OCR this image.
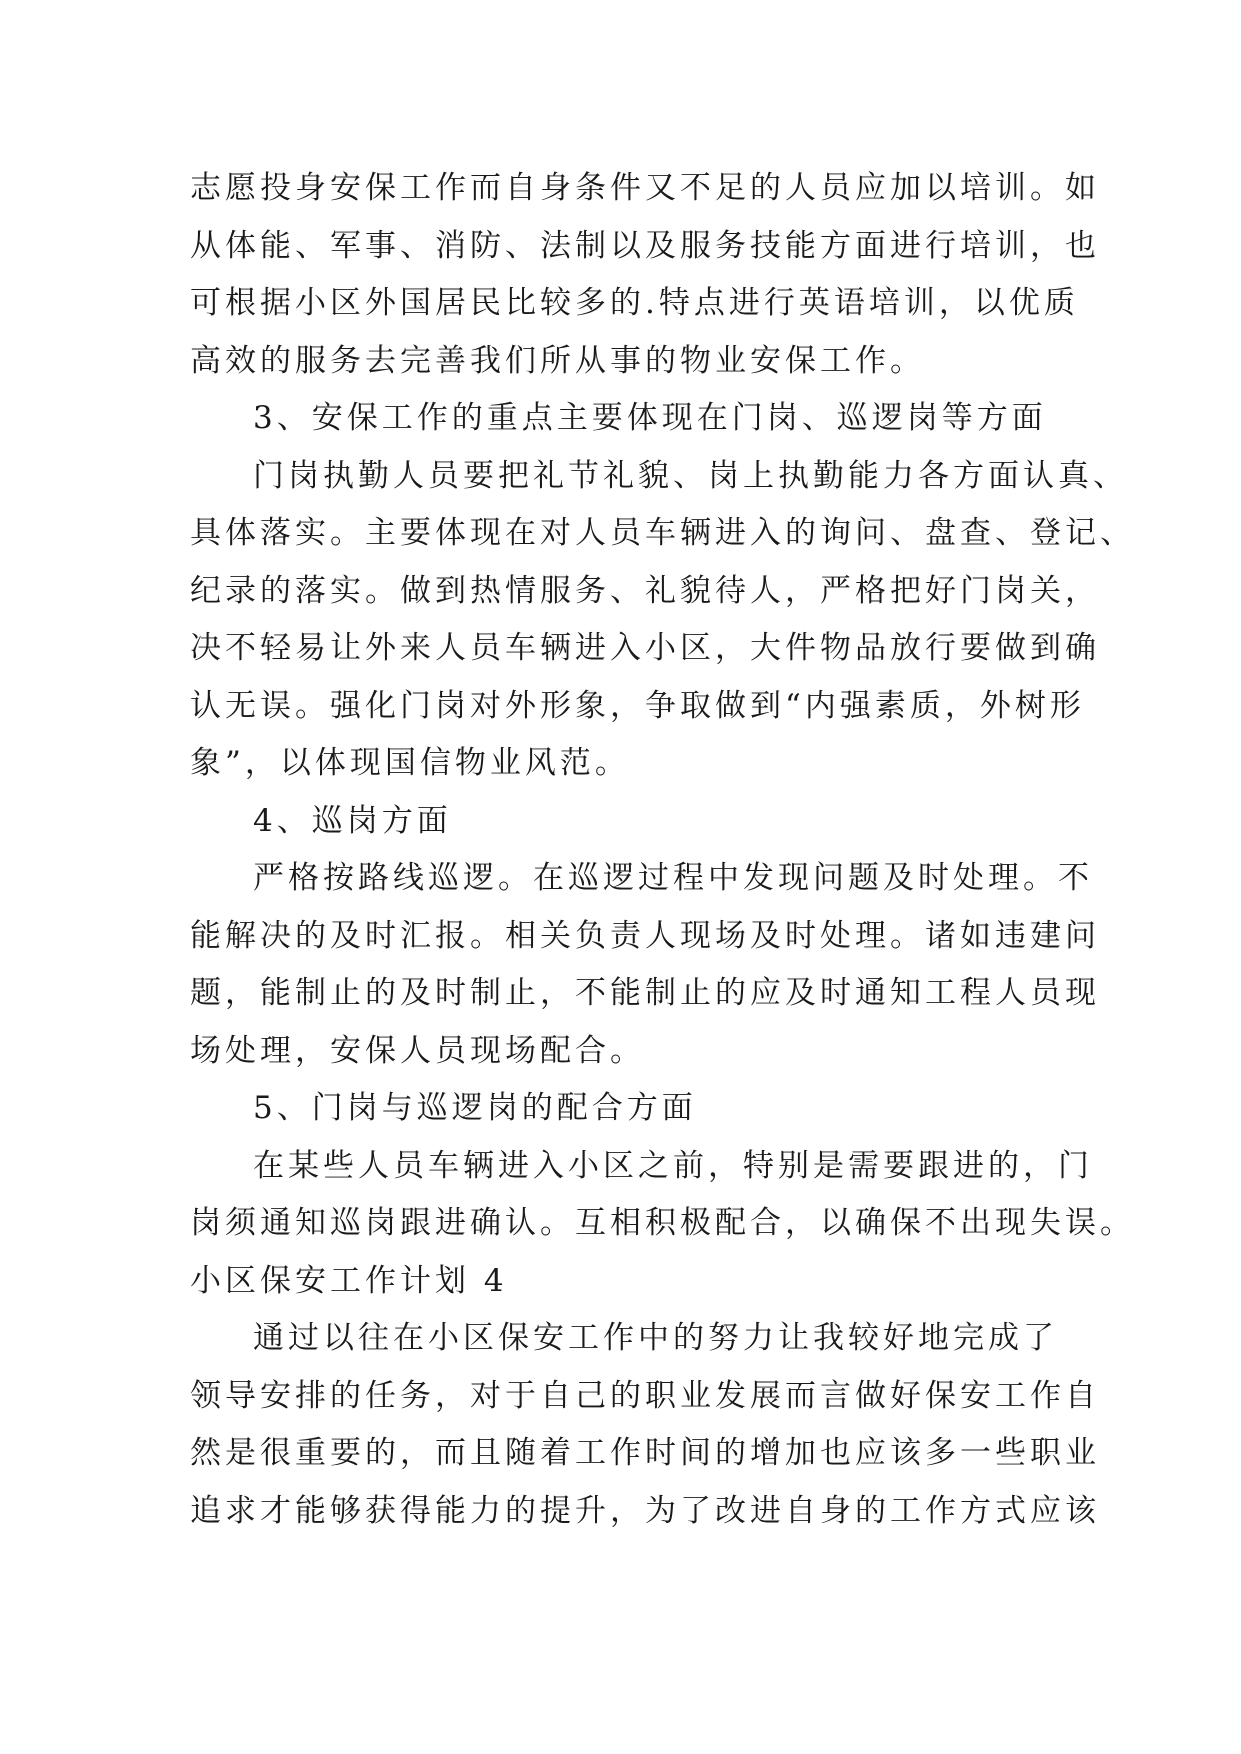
志愿投身安保工作而自身条件又不足的人员应加以培训。如
从体能、军事、消防、法制以及服务技能方面进行培训，也
可根据小区外国居民比较多的.特点进行英语培训，以优质
高效的服务去完善我们所从事的物业安保工作。
3、安保工作的重点主要体现在门岗、巡逻岗等方面
门岗执勤人员要把礼节礼貌、岗上执勤能力各方面认真、
具体落实。主要体现在对人员车辆进入的询问、盘查、登记、
纪录的落实。做到热情服务、礼貌待人，严格把好门岗关，
决不轻易让外来人员车辆进入小区，大件物品放行要做到确
认无误。强化门岗对外形象，争取做到“内强素质，外树形
象”，以体现国信物业风范。
4、巡岗方面
严格按路线巡逻。在巡逻过程中发现问题及时处理。不
能解决的及时汇报。相关负责人现场及时处理。诸如违建问
题，能制止的及时制止，不能制止的应及时通知工程人员现
场处理，安保人员现场配合。
5、门岗与巡逻岗的配合方面
在某些人员车辆进入小区之前，特别是需要跟进的，门
岗须通知巡岗跟进确认。互相积极配合，以确保不出现失误。
小区保安工作计划 4
通过以往在小区保安工作中的努力让我较好地完成了
领导安排的任务，对于自己的职业发展而言做好保安工作自
然是很重要的，而且随着工作时间的增加也应该多一些职业
追求才能够获得能力的提升，为了改进自身的工作方式应该
